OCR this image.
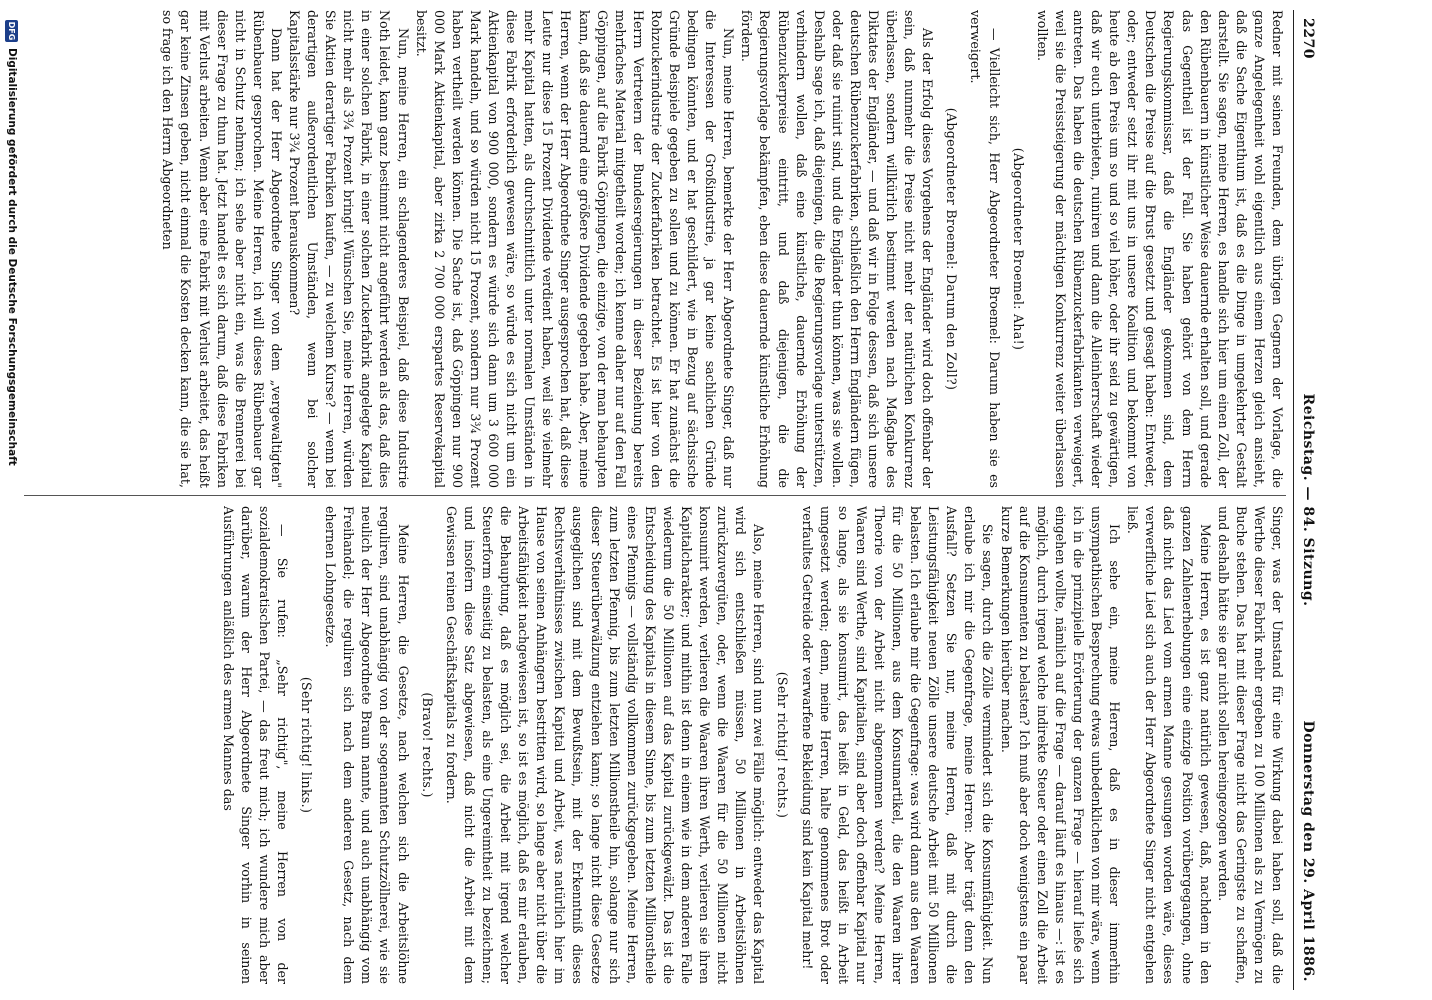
2270
Reichstag. — 84. Sitzung.
Donnerstag den 29. April 1886.

Redner mit seinen Freunden, dem übrigen Gegnern der Vorlage, die ganze Angelegenheit wohl eigentlich aus einem Herzen gleich ansieht, daß die Sache Eigenthum ist, daß es die Dinge in umgekehrter Gestalt darstellt. Sie sagen, meine Herren, es handle sich hier um einen Zoll, der den Rübenbauern in künstlicher Weise dauernde erhalten soll, und gerade das Gegentheil ist der Fall. Sie haben gehört von dem Herrn Regierungskommissar, daß die Engländer gekommen sind, dem Deutschen die Preise auf die Brust gesetzt und gesagt haben: Entweder, oder; entweder setzt ihr mit uns in unsere Koalition und bekommt von heute ab den Preis um so und so viel höher, oder ihr seid zu gewärtigen, daß wir euch unterbieten, ruiniren und dann die Alleinherrschaft wieder antreten. Das haben die deutschen Rübenzuckerfabrikanten verweigert, weil sie die Preissteigerung der mächtigen Konkurrenz weiter überlassen wollten.

(Abgeordneter Broemel: Aha!)

— Vielleicht sich, Herr Abgeordneter Broemel: Darum haben sie es verweigert.

(Abgeordneter Broemel: Darum den Zoll?)

Als der Erfolg dieses Vorgehens der Engländer wird doch offenbar der sein, daß nunmehr die Preise nicht mehr der natürlichen Konkurrenz überlassen, sondern willkürlich bestimmt werden nach Maßgabe des Diktates der Engländer, — und daß wir in Folge dessen, daß sich unsere deutschen Rübenzuckerfabriken, schließlich den Herrn Engländern fügen, oder daß sie ruinirt sind, und die Engländer thun können, was sie wollen. Deshalb sage ich, daß diejenigen, die die Regierungsvorlage unterstützen, verhindern wollen, daß eine künstliche, dauernde Erhöhung der Rübenzuckerpreise eintritt, und daß diejenigen, die die Regierungsvorlage bekämpfen, eben diese dauernde künstliche Erhöhung fördern.

Nun, meine Herren, bemerkte der Herr Abgeordnete Singer, daß nur die Interessen der Großindustrie, ja gar keine sachlichen Gründe bedingen könnten, und er hat geschildert, wie in Bezug auf sächsische Gründe Beispiele gegeben zu sollen und zu können. Er hat zunächst die Rohzuckerindustrie der Zuckerfabriken betrachtet. Es ist hier von den Herrn Vertretern der Bundesregierungen in dieser Beziehung bereits mehrfaches Material mitgetheilt worden; ich kenne daher nur auf den Fall Göppingen, auf die Fabrik Göppingen, die einzige, von der man behaupten kann, daß sie dauernd eine größere Dividende gegeben habe. Aber, meine Herren, wenn der Herr Abgeordnete Singer ausgesprochen hat, daß diese Leute nur diese 15 Prozent Dividende verdient haben, weil sie vielmehr mehr Kapital hatten, als durchschnittlich unter normalen Umständen in diese Fabrik erforderlich gewesen wäre, so würde es sich nicht um ein Aktienkapital von 900 000, sondern es würde sich dann um 3 600 000 Mark handeln, und so würden nicht 15 Prozent, sondern nur 3¾ Prozent haben vertheilt werden können. Die Sache ist, daß Göppingen nur 900 000 Mark Aktienkapital, aber zirka 2 700 000 erspartes Reservekapital besitzt.

Nun, meine Herren, ein schlagenderes Beispiel, daß diese Industrie Noth leidet, kann ganz bestimmt nicht angeführt werden als das, daß dies in einer solchen Fabrik, in einer solchen Zuckerfabrik angelegte Kapital nicht mehr als 3¾ Prozent bringt! Wünschen Sie, meine Herren, würden Sie Aktien derartiger Fabriken kaufen, — zu welchem Kurse? — wenn bei derartigen außerordentlichen Umständen, wenn bei solcher Kapitalsstärke nur 3¾ Prozent herauskommen?

Dann hat der Herr Abgeordnete Singer von dem „vergewaltigten" Rübenbauer gesprochen. Meine Herren, ich will dieses Rübenbauer gar nicht in Schutz nehmen; ich sehe aber nicht ein, was die Brennerei bei dieser Frage zu thun hat. Jetzt handelt es sich darum, daß diese Fabriken mit Verlust arbeiten. Wenn aber eine Fabrik mit Verlust arbeitet, das heißt gar keine Zinsen geben, nicht einmal die Kosten decken kann, die sie hat, so frage ich den Herrn Abgeordneten

Singer, was der Umstand für eine Wirkung dabei haben soll, daß die Werthe dieser Fabrik mehr ergeben zu 100 Millionen als zu Vermögen zu Buche stehen. Das hat mit dieser Frage nicht das Geringste zu schaffen, und deshalb hätte sie gar nicht sollen hereingezogen werden.

Meine Herren, es ist ganz natürlich gewesen, daß, nachdem in den ganzen Zahlenerhebungen eine einzige Position vorübergegangen, ohne daß nicht das Lied vom armen Manne gesungen worden wäre, dieses verwerfliche Lied sich auch der Herr Abgeordnete Singer nicht entgehen ließ.

Ich sehe ein, meine Herren, daß es in dieser immerhin unsympathischen Besprechung etwas unbedenklichen von mir wäre, wenn ich in die prinzipielle Erörterung der ganzen Frage — hierauf ließe sich eingehen wollte, nämlich auf die Frage — darauf läuft es hinaus —: ist es möglich, durch irgend welche indirekte Steuer oder einen Zoll die Arbeit auf die Konsumenten zu belasten? Ich muß aber doch wenigstens ein paar kurze Bemerkungen hierüber machen.

Sie sagen, durch die Zölle vermindert sich die Konsumfähigkeit. Nun erlaube ich mir die Gegenfrage, meine Herren: Aber trägt denn den Ausfall? Setzen Sie nur, meine Herren, daß mit durch die Leistungsfähigkeit neuen Zölle unsere deutsche Arbeit mit 50 Millionen belasten. Ich erlaube mir die Gegenfrage: was wird dann aus den Waaren für die 50 Millionen, aus dem Konsumartikel, die den Waaren ihrer Theorie von der Arbeit nicht abgenommen werden? Meine Herren, Waaren sind Werthe, sind Kapitalien, sind aber doch offenbar Kapital nur so lange, als sie konsumirt, das heißt in Geld, das heißt in Arbeit umgesetzt werden; denn, meine Herren, halte genommenes Brot oder verfaultes Getreide oder verwarfene Bekleidung sind kein Kapital mehr!

(Sehr richtig! rechts.)

Also, meine Herren, sind nun zwei Fälle möglich: entweder das Kapital wird sich entschließen müssen, 50 Millionen in Arbeitslöhnen zurückzuvergüten, oder, wenn die Waaren für die 50 Millionen nicht konsumirt werden, verlieren die Waaren ihren Werth, verlieren sie ihren Kapitalcharakter; und mithin ist denn in einem wie in dem anderen Falle wiederum die 50 Millionen auf das Kapital zurückgewälzt. Das ist die Entscheidung des Kapitals in diesem Sinne, bis zum letzten Millionstheile eines Pfennigs — vollständig vollkommen zurückgegeben. Meine Herren, zum letzten Pfennig, bis zum letzten Millionstheile hin, solange nur sich dieser Steuerüberwälzung entziehen kann; so lange nicht diese Gesetze ausgeglichen sind mit dem Bewußtsein, mit der Erkenntniß dieses Rechtsverhältnisses zwischen Kapital und Arbeit, was natürlich hier im Hause von seinen Anhängern bestritten wird, so lange aber nicht über die Arbeitsfähigkeit nachgewiesen ist, so ist es möglich, daß es mir erlauben, die Behauptung, daß es möglich sei, die Arbeit mit irgend welcher Steuerform einseitig zu belasten, als eine Ungereimtheit zu bezeichnen; und insofern diese Satz abgewiesen, daß nicht die Arbeit mit dem Gewissen reinen Geschäftskapitals zu fordern.

(Bravo! rechts.)

Meine Herren, die Gesetze, nach welchen sich die Arbeitslöhne reguliren, sind unabhängig von der sogenannten Schutzzöllnerei, wie sie neulich der Herr Abgeordnete Braun nannte, und auch unabhängig vom Freihandel; die reguliren sich nach dem anderen Gesetz, nach dem ehernen Lohngesetze.

(Sehr richtig! links.)

— Sie rufen: „Sehr richtig", meine Herren von der sozialdemokratischen Partei, — das freut mich; ich wundere mich aber darüber, warum der Herr Abgeordnete Singer vorhin in seinen Ausführungen anläßlich des armen Mannes das

DFG
Digitalisierung gefördert durch die Deutsche Forschungsgemeinschaft
